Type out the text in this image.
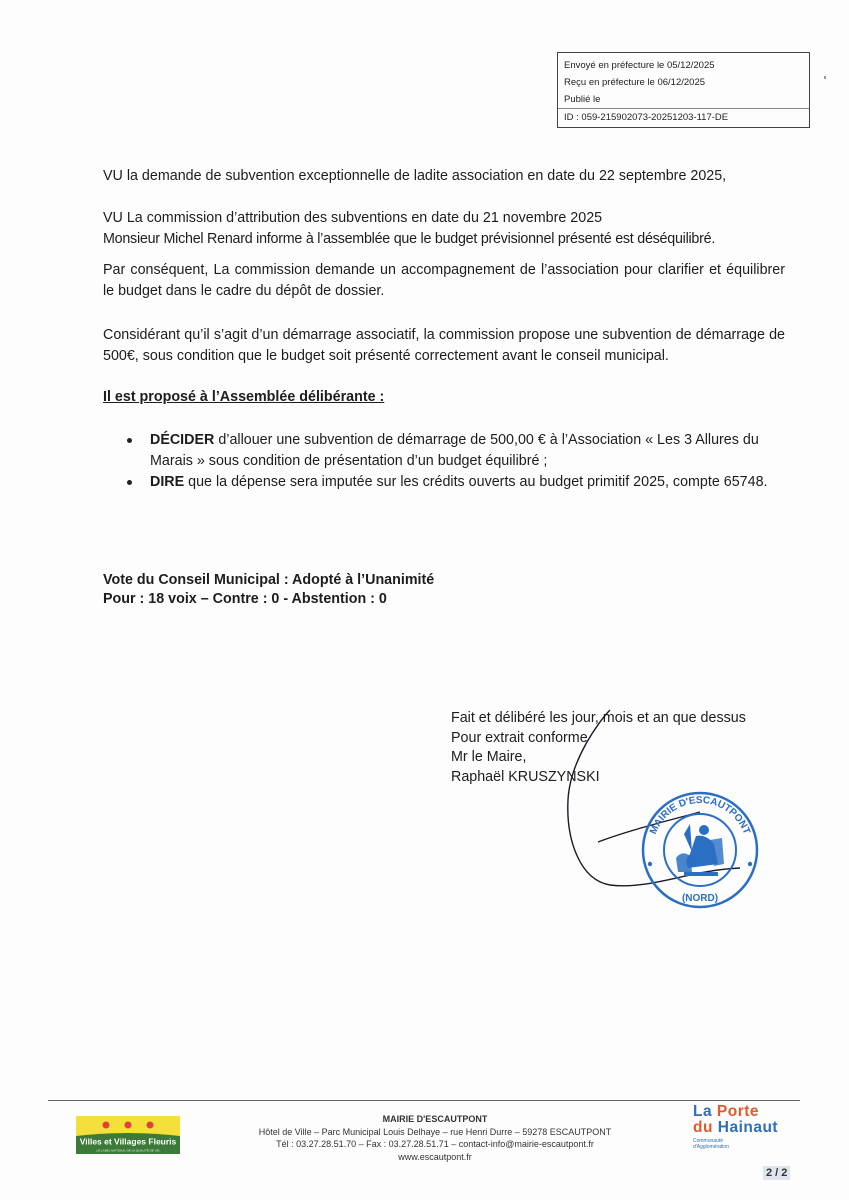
Envoyé en préfecture le 05/12/2025
Reçu en préfecture le 06/12/2025
Publié le
ID : 059-215902073-20251203-117-DE
VU la demande de subvention exceptionnelle de ladite association en date du 22 septembre 2025,
VU La commission d’attribution des subventions en date du 21 novembre 2025
Monsieur Michel Renard informe à l’assemblée que le budget prévisionnel présenté est déséquilibré.
Par conséquent, La commission demande un accompagnement de l’association pour clarifier et équilibrer le budget dans le cadre du dépôt de dossier.
Considérant qu’il s’agit d’un démarrage associatif, la commission propose une subvention de démarrage de 500€, sous condition que le budget soit présenté correctement avant le conseil municipal.
Il est proposé à l’Assemblée délibérante :
DÉCIDER d’allouer une subvention de démarrage de 500,00 € à l’Association « Les 3 Allures du Marais » sous condition de présentation d’un budget équilibré ;
DIRE que la dépense sera imputée sur les crédits ouverts au budget primitif 2025, compte 65748.
Vote du Conseil Municipal : Adopté à l’Unanimité
Pour : 18 voix – Contre : 0 - Abstention : 0
Fait et délibéré les jour, mois et an que dessus
Pour extrait conforme
Mr le Maire,
Raphaël KRUSZYNSKI
MAIRIE D'ESCAUTPONT
(NORD)
Villes et Villages Fleuris
LE LABEL NATIONAL DE LA QUALITÉ DE VIE
MAIRIE D'ESCAUTPONT
Hôtel de Ville – Parc Municipal Louis Delhaye – rue Henri Durre – 59278 ESCAUTPONT
Tél : 03.27.28.51.70 – Fax : 03.27.28.51.71 – contact-info@mairie-escautpont.fr
www.escautpont.fr
La Porte
du Hainaut
Communauté
d'Agglomération
2 / 2
